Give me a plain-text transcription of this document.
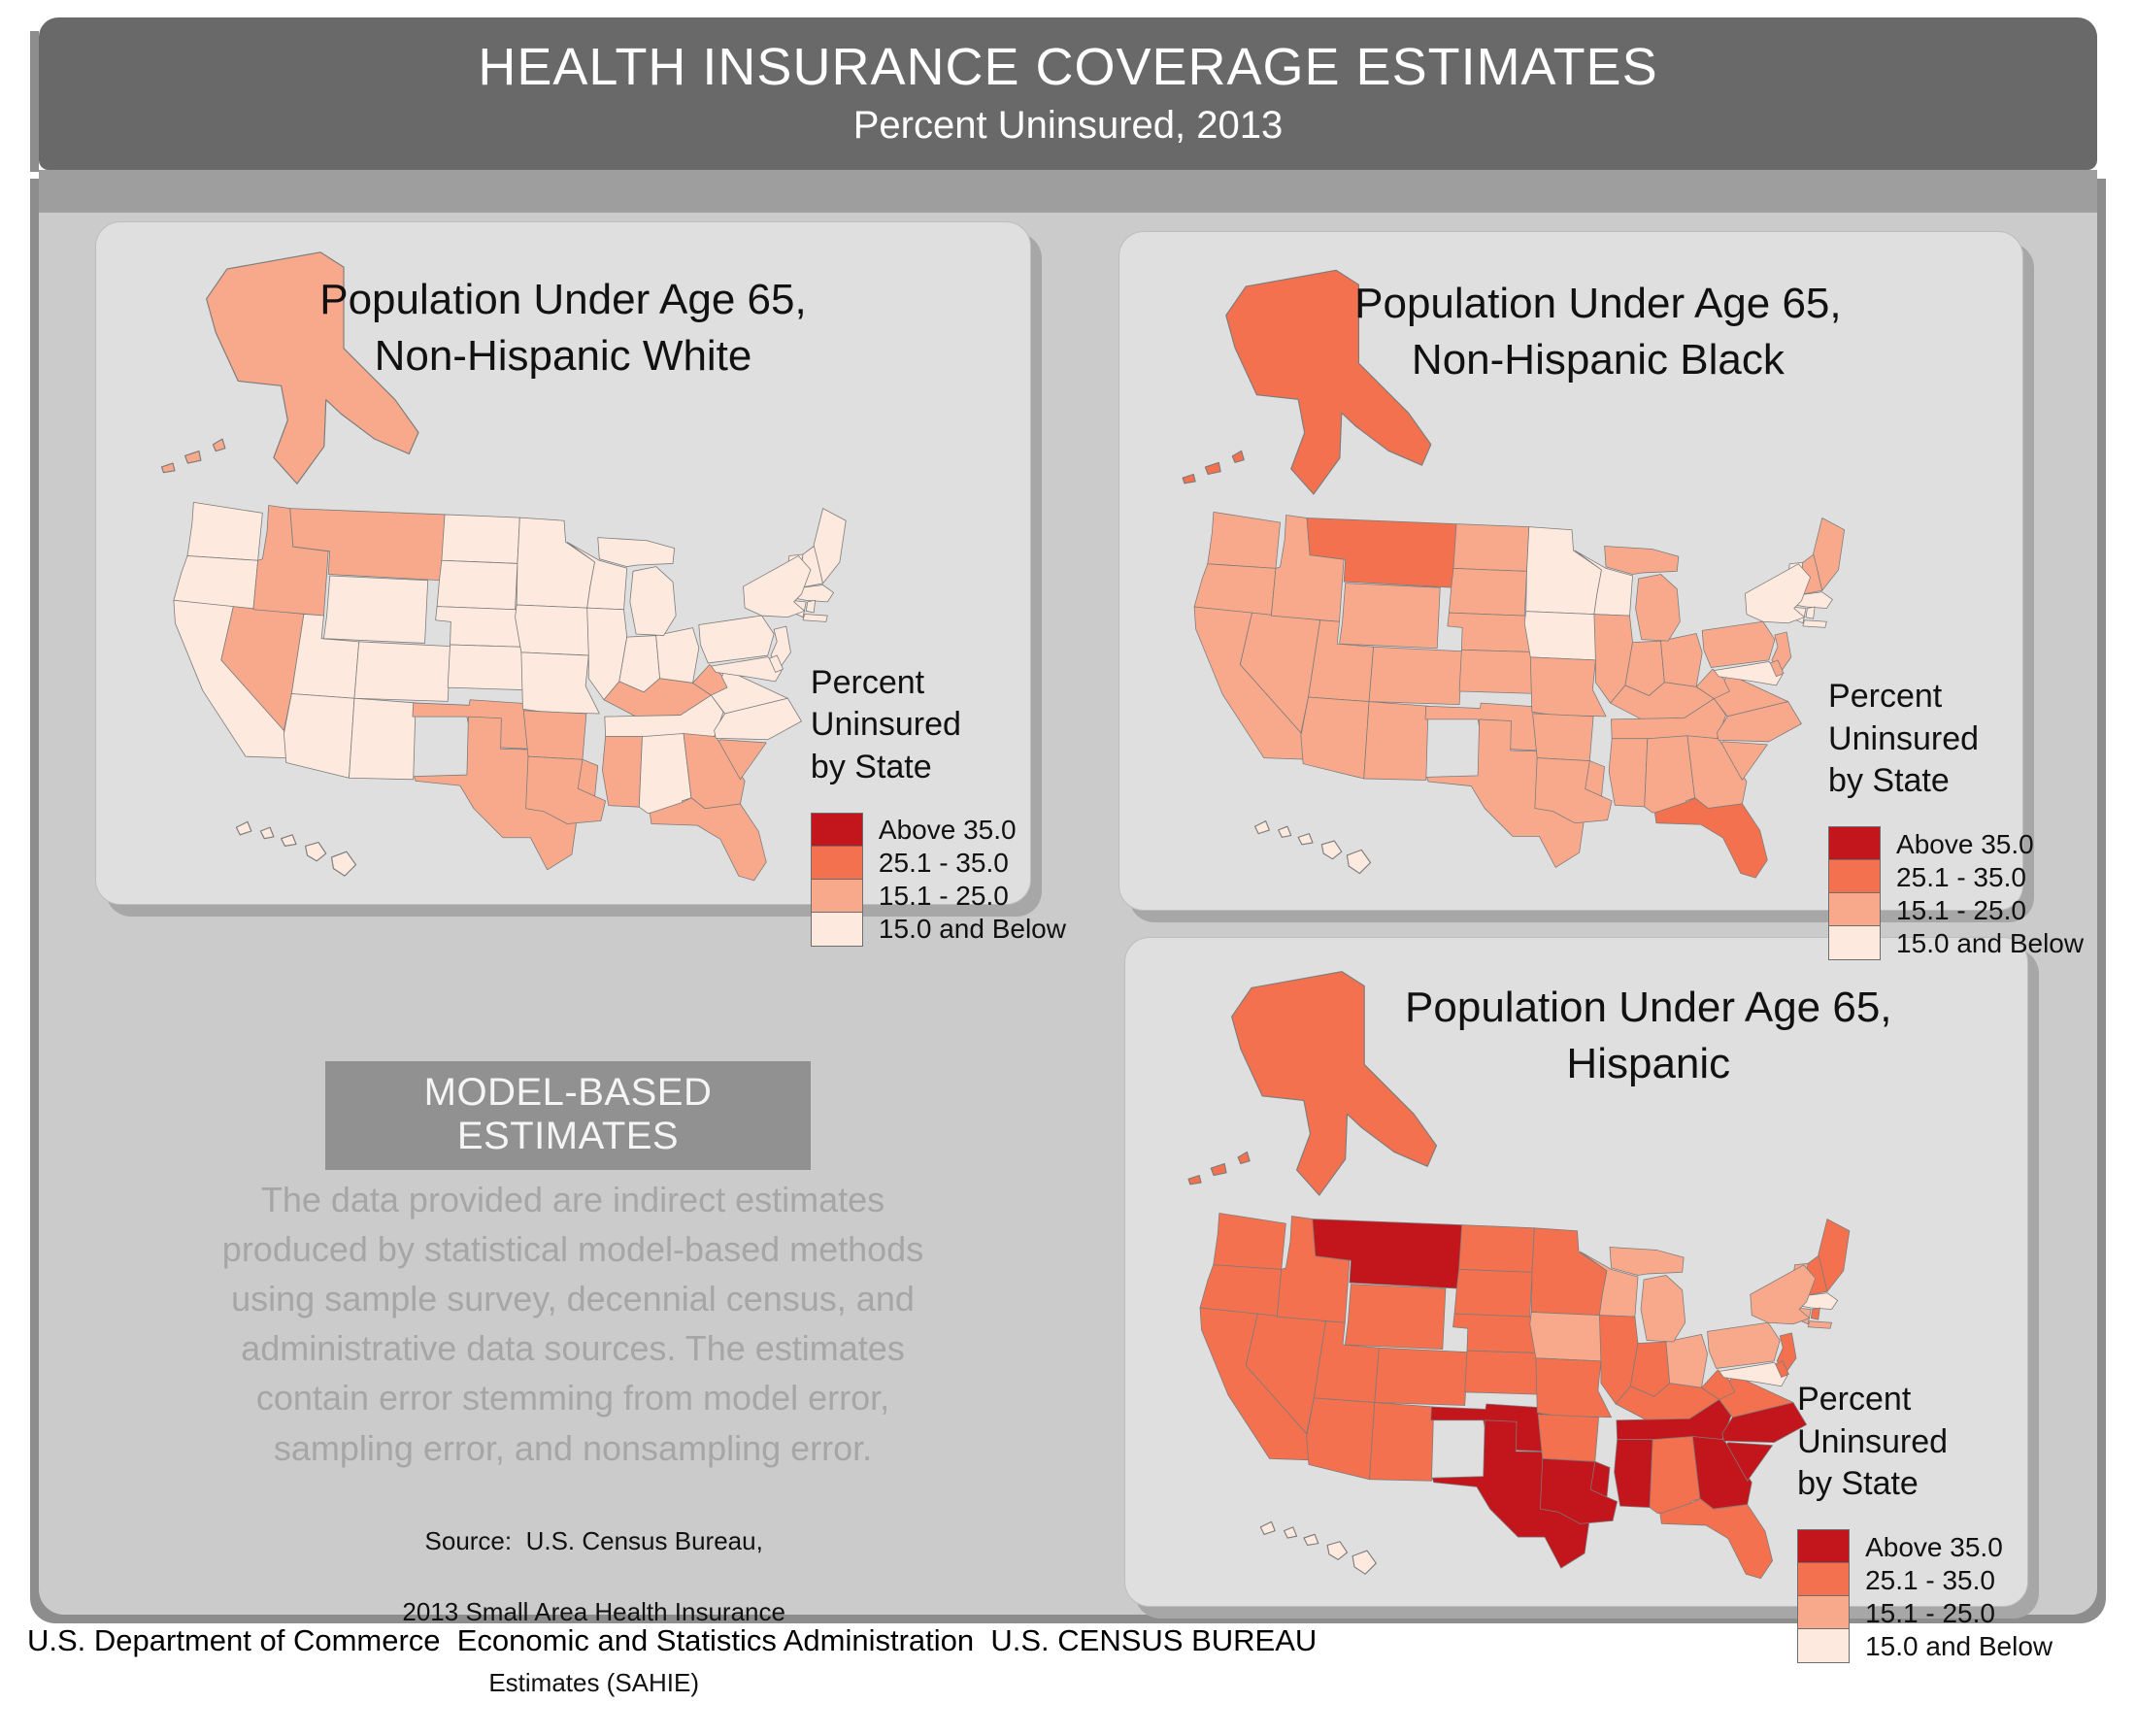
HEALTH INSURANCE COVERAGE ESTIMATES
Percent Uninsured, 2013
Population Under Age 65,
Non-Hispanic White
Percent
Uninsured
by State
Above 35.0
25.1 - 35.0
15.1 - 25.0
15.0 and Below
Population Under Age 65,
Non-Hispanic Black
Percent
Uninsured
by State
Above 35.0
25.1 - 35.0
15.1 - 25.0
15.0 and Below
Population Under Age 65,
Hispanic
Percent
Uninsured
by State
Above 35.0
25.1 - 35.0
15.1 - 25.0
15.0 and Below
MODEL-BASED ESTIMATES
The data provided are indirect estimates produced by statistical model-based methods using sample survey, decennial census, and administrative data sources. The estimates contain error stemming from model error, sampling error, and nonsampling error.

Source:  U.S. Census Bureau,

2013 Small Area Health Insurance

Estimates (SAHIE)

U.S. Department of Commerce  Economic and Statistics Administration  U.S. CENSUS BUREAU
